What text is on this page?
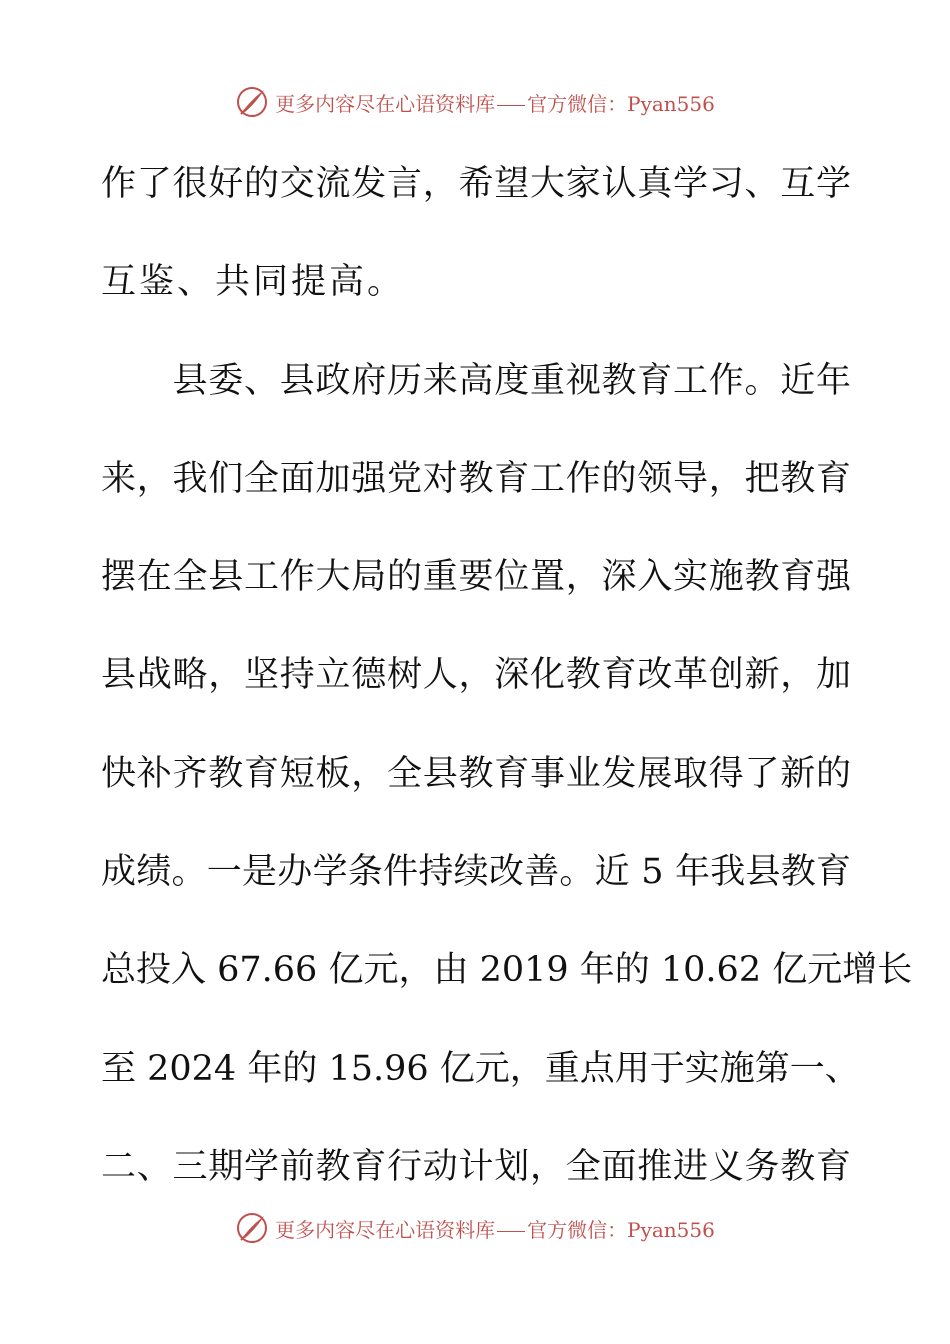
更多内容尽在心语资料库 官方微信：Pyan556
作了很好的交流发言，希望大家认真学习、互学
互鉴、共同提高。
　　县委、县政府历来高度重视教育工作。近年
来，我们全面加强党对教育工作的领导，把教育
摆在全县工作大局的重要位置，深入实施教育强
县战略，坚持立德树人，深化教育改革创新，加
快补齐教育短板，全县教育事业发展取得了新的
成绩。一是办学条件持续改善。近 5 年我县教育
总投入 67.66 亿元，由 2019 年的 10.62 亿元增长
至 2024 年的 15.96 亿元，重点用于实施第一、
二、三期学前教育行动计划，全面推进义务教育
更多内容尽在心语资料库 官方微信：Pyan556
